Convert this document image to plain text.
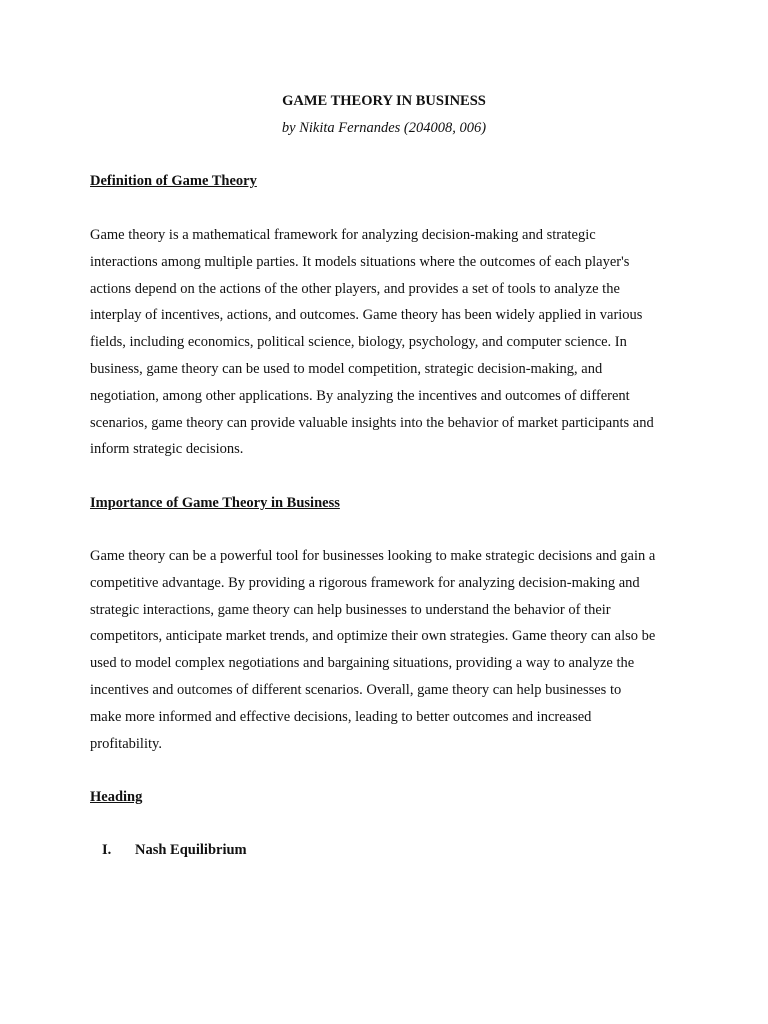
GAME THEORY IN BUSINESS

by Nikita Fernandes (204008, 006)

Definition of Game Theory
Game theory is a mathematical framework for analyzing decision-making and strategic
interactions among multiple parties. It models situations where the outcomes of each player's
actions depend on the actions of the other players, and provides a set of tools to analyze the
interplay of incentives, actions, and outcomes. Game theory has been widely applied in various
fields, including economics, political science, biology, psychology, and computer science. In
business, game theory can be used to model competition, strategic decision-making, and
negotiation, among other applications. By analyzing the incentives and outcomes of different
scenarios, game theory can provide valuable insights into the behavior of market participants and
inform strategic decisions.
Importance of Game Theory in Business
Game theory can be a powerful tool for businesses looking to make strategic decisions and gain a
competitive advantage. By providing a rigorous framework for analyzing decision-making and
strategic interactions, game theory can help businesses to understand the behavior of their
competitors, anticipate market trends, and optimize their own strategies. Game theory can also be
used to model complex negotiations and bargaining situations, providing a way to analyze the
incentives and outcomes of different scenarios. Overall, game theory can help businesses to
make more informed and effective decisions, leading to better outcomes and increased
profitability.
Heading
I. Nash Equilibrium
